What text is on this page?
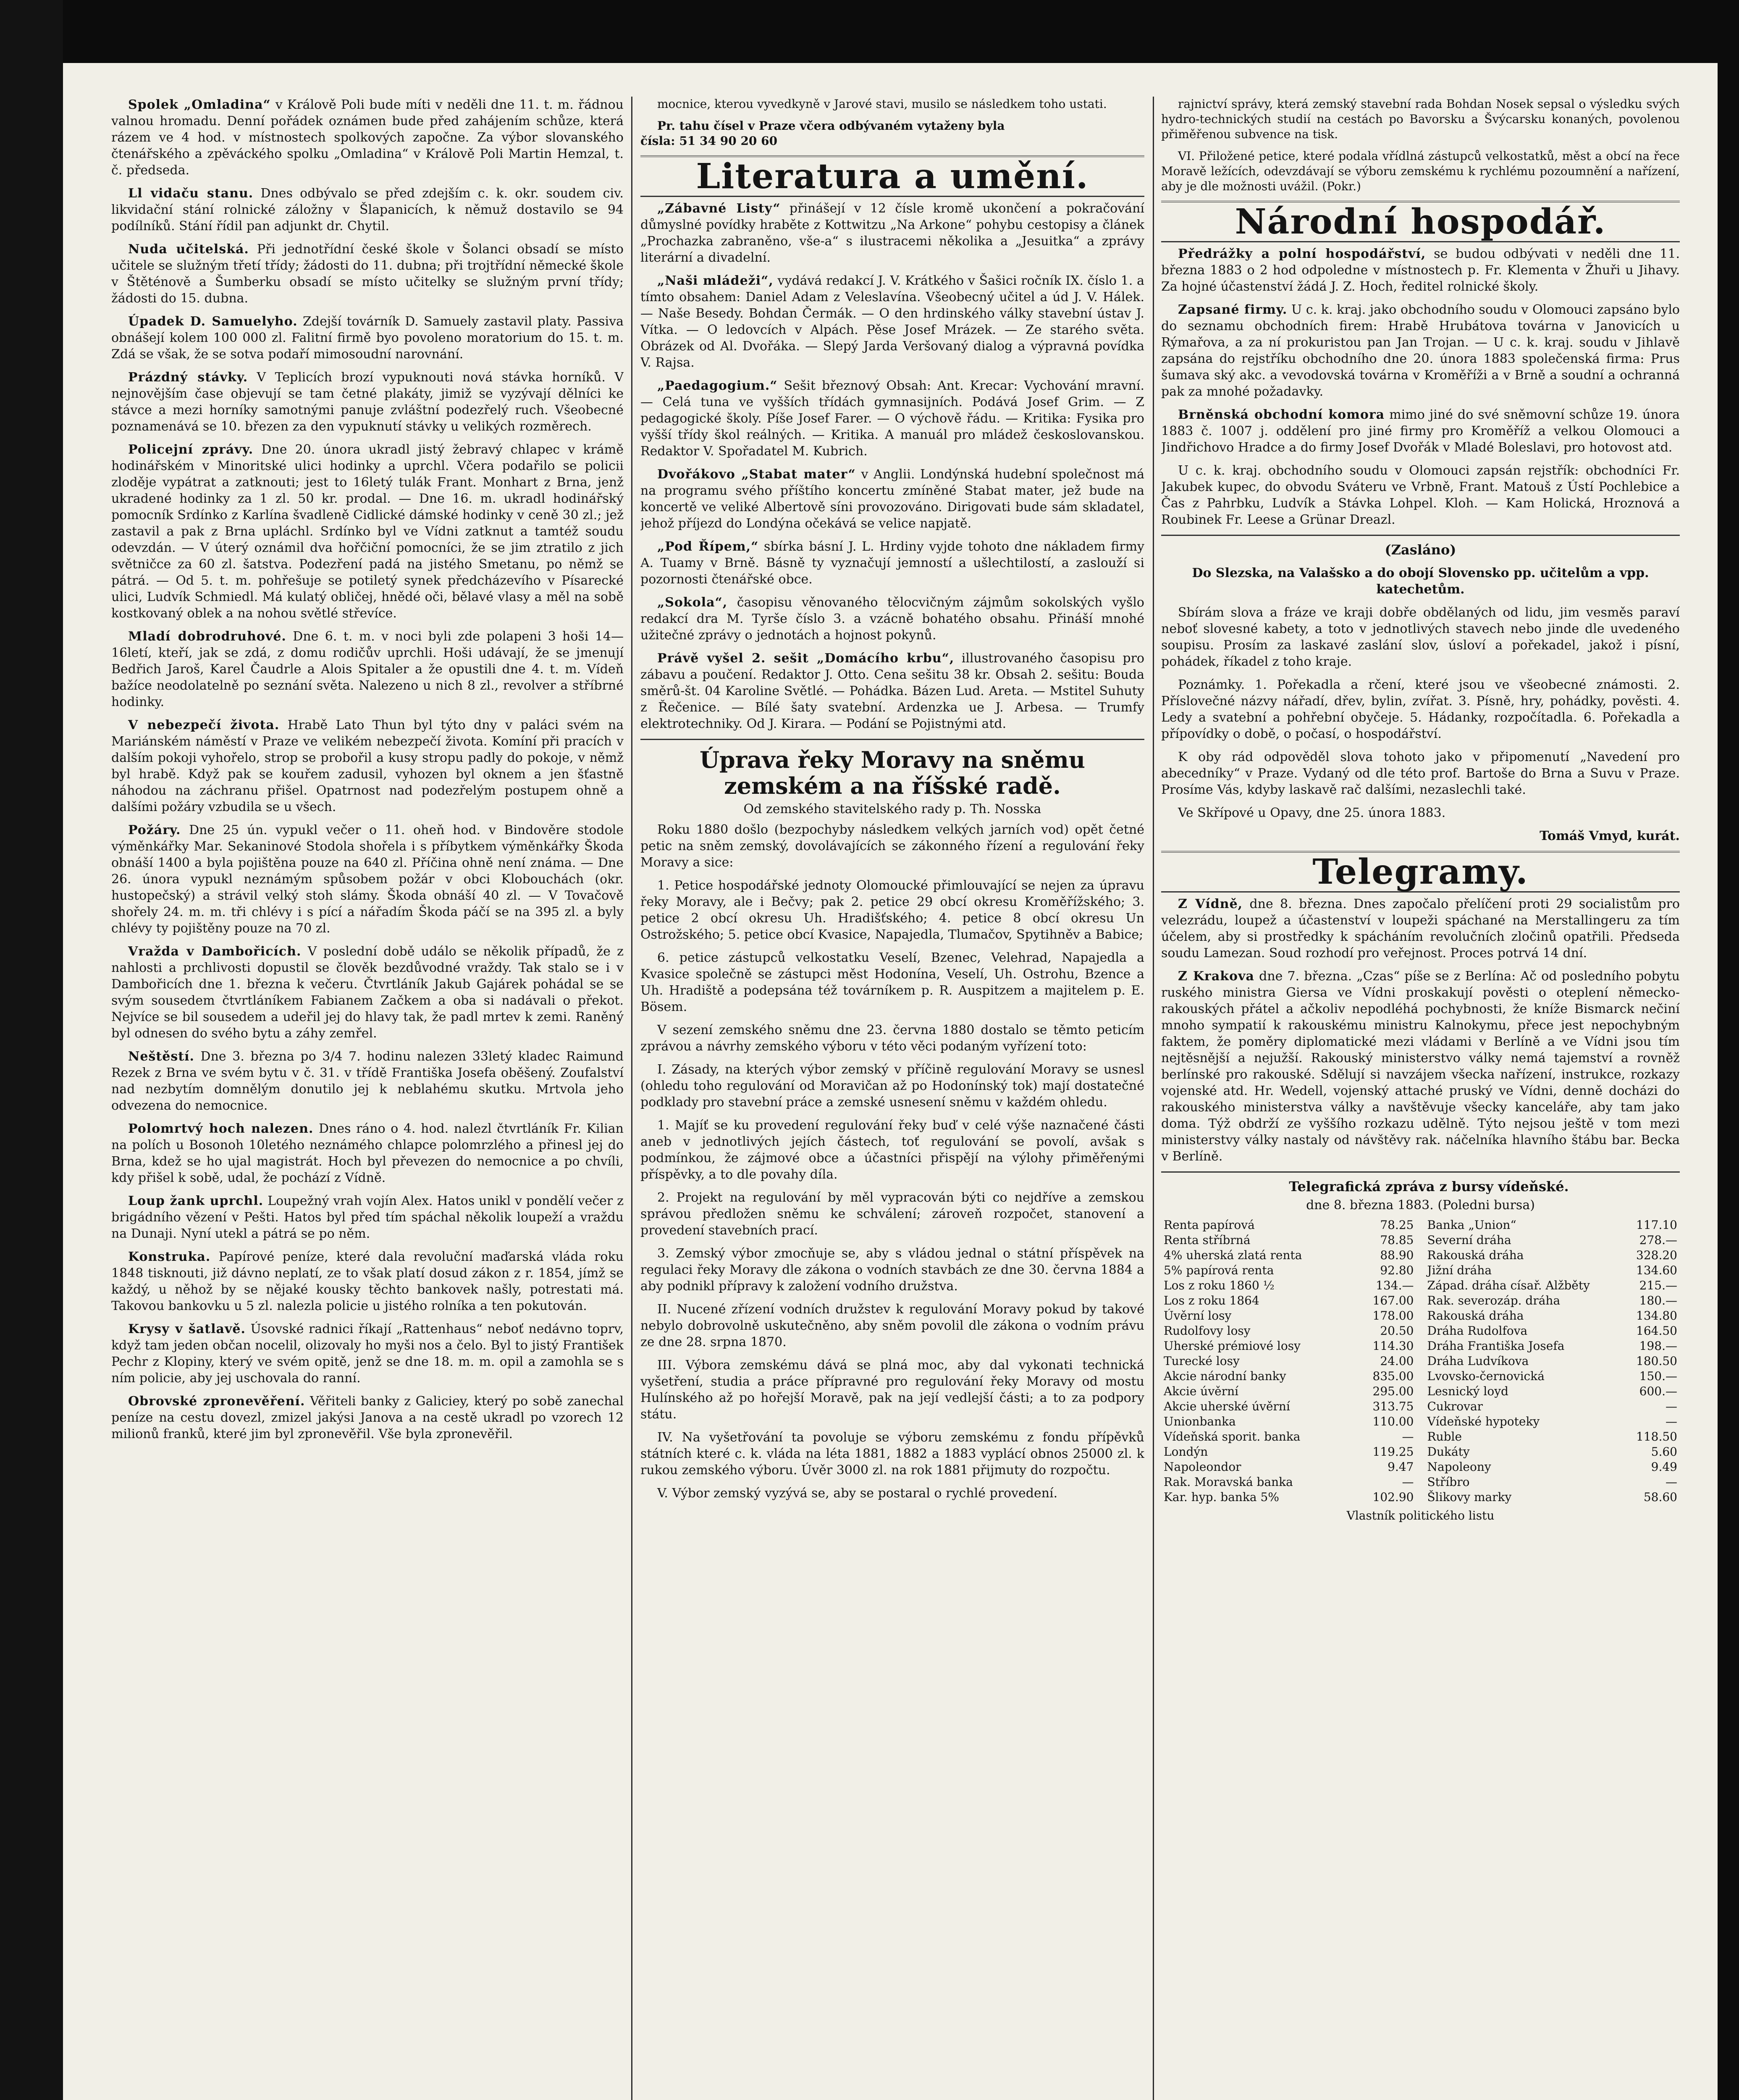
Spolek „Omladina“ v Králově Poli bude míti v neděli dne 11. t. m. řádnou valnou hromadu. Denní pořádek oznámen bude před zahájením schůze, která rázem ve 4 hod. v místnostech spolkových započne. Za výbor slovanského čtenářského a zpěváckého spolku „Omladina“ v Králově Poli Martin Hemzal, t. č. předseda.

Ll vidaču stanu. Dnes odbývalo se před zdejším c. k. okr. soudem civ. likvidační stání rolnické záložny v Šlapanicích, k němuž dostavilo se 94 podílníků. Stání řídil pan adjunkt dr. Chytil.

Nuda učitelská. Při jednotřídní české škole v Šolanci obsadí se místo učitele se služným třetí třídy; žádosti do 11. dubna; při trojtřídní německé škole v Štěténově a Šumberku obsadí se místo učitelky se služným první třídy; žádosti do 15. dubna.

Úpadek D. Samuelyho. Zdejší továrník D. Samuely zastavil platy. Passiva obnášejí kolem 100 000 zl. Falitní firmě byo povoleno moratorium do 15. t. m. Zdá se však, že se sotva podaří mimosoudní narovnání.

Prázdný stávky. V Teplicích brozí vypuknouti nová stávka horníků. V nejnovějším čase objevují se tam četné plakáty, jimiž se vyzývají dělníci ke stávce a mezi horníky samotnými panuje zvláštní podezřelý ruch. Všeobecné poznamenává se 10. březen za den vypuknutí stávky u velikých rozměrech.

Policejní zprávy. Dne 20. února ukradl jistý žebravý chlapec v krámě hodinářském v Minoritské ulici hodinky a uprchl. Včera podařilo se policii zloděje vypátrat a zatknouti; jest to 16letý tulák Frant. Monhart z Brna, jenž ukradené hodinky za 1 zl. 50 kr. prodal. — Dne 16. m. ukradl hodinářský pomocník Srdínko z Karlína švadleně Cidlické dámské hodinky v ceně 30 zl.; jež zastavil a pak z Brna upláchl. Srdínko byl ve Vídni zatknut a tamtéž soudu odevzdán. — V úterý oznámil dva hořčiční pomocníci, že se jim ztratilo z jich světničce za 60 zl. šatstva. Podezření padá na jistého Smetanu, po němž se pátrá. — Od 5. t. m. pohřešuje se potiletý synek předcházevího v Písarecké ulici, Ludvík Schmiedl. Má kulatý obličej, hnědé oči, bělavé vlasy a měl na sobě kostkovaný oblek a na nohou světlé střevíce.

Mladí dobrodruhové. Dne 6. t. m. v noci byli zde polapeni 3 hoši 14—16letí, kteří, jak se zdá, z domu rodičův uprchli. Hoši udávají, že se jmenují Bedřich Jaroš, Karel Čaudrle a Alois Spitaler a že opustili dne 4. t. m. Vídeň bažíce neodolatelně po seznání světa. Nalezeno u nich 8 zl., revolver a stříbrné hodinky.

V nebezpečí života. Hrabě Lato Thun byl týto dny v paláci svém na Mariánském náměstí v Praze ve velikém nebezpečí života. Komíní při pracích v dalším pokoji vyhořelo, strop se probořil a kusy stropu padly do pokoje, v němž byl hrabě. Když pak se kouřem zadusil, vyhozen byl oknem a jen šťastně náhodou na záchranu přišel. Opatrnost nad podezřelým postupem ohně a dalšími požáry vzbudila se u všech.

Požáry. Dne 25 ún. vypukl večer o 11. oheň hod. v Bindověre stodole výměnkářky Mar. Sekaninové Stodola shořela i s příbytkem výměnkářky Škoda obnáší 1400 a byla pojištěna pouze na 640 zl. Příčina ohně není známa. — Dne 26. února vypukl neznámým spůsobem požár v obci Klobouchách (okr. hustopečský) a strávil velký stoh slámy. Škoda obnáší 40 zl. — V Tovačově shořely 24. m. m. tři chlévy i s pící a nářadím Škoda páčí se na 395 zl. a byly chlévy ty pojištěny pouze na 70 zl.

Vražda v Dambořicích. V poslední době událo se několik případů, že z nahlosti a prchlivosti dopustil se člověk bezdůvodné vraždy. Tak stalo se i v Dambořicích dne 1. března k večeru. Čtvrtláník Jakub Gajárek pohádal se se svým sousedem čtvrtláníkem Fabianem Začkem a oba si nadávali o překot. Nejvíce se bil sousedem a udeřil jej do hlavy tak, že padl mrtev k zemi. Raněný byl odnesen do svého bytu a záhy zemřel.

Neštěstí. Dne 3. března po 3/4 7. hodinu nalezen 33letý kladec Raimund Rezek z Brna ve svém bytu v č. 31. v třídě Františka Josefa oběšený. Zoufalství nad nezbytím domnělým donutilo jej k neblahému skutku. Mrtvola jeho odvezena do nemocnice.

Polomrtvý hoch nalezen. Dnes ráno o 4. hod. nalezl čtvrtláník Fr. Kilian na polích u Bosonoh 10letého neznámého chlapce polomrzlého a přinesl jej do Brna, kdež se ho ujal magistrát. Hoch byl převezen do nemocnice a po chvíli, kdy přišel k sobě, udal, že pochází z Vídně.

Loup žank uprchl. Loupežný vrah vojín Alex. Hatos unikl v pondělí večer z brigádního vězení v Pešti. Hatos byl před tím spáchal několik loupeží a vraždu na Dunaji. Nyní utekl a pátrá se po něm.

Konstruka. Papírové peníze, které dala revoluční maďarská vláda roku 1848 tisknouti, již dávno neplatí, ze to však platí dosud zákon z r. 1854, jímž se každý, u něhož by se nějaké kousky těchto bankovek našly, potrestati má. Takovou bankovku u 5 zl. nalezla policie u jistého rolníka a ten pokutován.

Krysy v šatlavě. Úsovské radnici říkají „Rattenhaus“ neboť nedávno toprv, když tam jeden občan nocelil, olizovaly ho myši nos a čelo. Byl to jistý František Pechr z Klopiny, který ve svém opitě, jenž se dne 18. m. m. opil a zamohla se s ním policie, aby jej uschovala do ranní.

Obrovské zpronevěření. Věřiteli banky z Galiciey, který po sobě zanechal peníze na cestu dovezl, zmizel jakýsi Janova a na cestě ukradl po vzorech 12 milionů franků, které jim byl zpronevěřil. Vše byla zpronevěřil.

mocnice, kterou vyvedkyně v Jarové stavi, musilo se následkem toho ustati.

Pr. tahu čísel v Praze včera odbývaném vytaženy byla

čísla: 51 34 90 20 60

Literatura a umění.

„Zábavné Listy“ přinášejí v 12 čísle kromě ukončení a pokračování důmyslné povídky hraběte z Kottwitzu „Na Arkone“ pohybu cestopisy a článek „Prochazka zabraněno, vše-a“ s ilustracemi několika a „Jesuitka“ a zprávy literární a divadelní.

„Naši mládeži“, vydává redakcí J. V. Krátkého v Šašici ročník IX. číslo 1. a tímto obsahem: Daniel Adam z Veleslavína. Všeobecný učitel a úd J. V. Hálek. — Naše Besedy. Bohdan Čermák. — O den hrdinského války stavební ústav J. Vítka. — O ledovcích v Alpách. Pěse Josef Mrázek. — Ze starého světa. Obrázek od Al. Dvořáka. — Slepý Jarda Veršovaný dialog a výpravná povídka V. Rajsa.

„Paedagogium.“ Sešit březnový Obsah: Ant. Krecar: Vychování mravní. — Celá tuna ve vyšších třídách gymnasijních. Podává Josef Grim. — Z pedagogické školy. Píše Josef Farer. — O výchově řádu. — Kritika: Fysika pro vyšší třídy škol reálných. — Kritika. A manuál pro mládež českoslovanskou. Redaktor V. Spořadatel M. Kubrich.

Dvořákovo „Stabat mater“ v Anglii. Londýnská hudební společnost má na programu svého příštího koncertu zmíněné Stabat mater, jež bude na koncertě ve veliké Albertově síni provozováno. Dirigovati bude sám skladatel, jehož příjezd do Londýna očekává se velice napjatě.

„Pod Řípem,“ sbírka básní J. L. Hrdiny vyjde tohoto dne nákladem firmy A. Tuamy v Brně. Básně ty vyznačují jemností a ušlechtilostí, a zaslouží si pozornosti čtenářské obce.

„Sokola“, časopisu věnovaného tělocvičným zájmům sokolských vyšlo redakcí dra M. Tyrše číslo 3. a vzácně bohatého obsahu. Přináší mnohé užitečné zprávy o jednotách a hojnost pokynů.

Právě vyšel 2. sešit „Domácího krbu“, illustrovaného časopisu pro zábavu a poučení. Redaktor J. Otto. Cena sešitu 38 kr. Obsah 2. sešitu: Bouda směrů-št. 04 Karoline Světlé. — Pohádka. Bázen Lud. Areta. — Mstitel Suhuty z Řečenice. — Bílé šaty svatební. Ardenzka ue J. Arbesa. — Trumfy elektrotechniky. Od J. Kirara. — Podání se Pojistnými atd.

Úprava řeky Moravy na sněmu zemském a na říšské radě.

Od zemského stavitelského rady p. Th. Nosska

Roku 1880 došlo (bezpochyby následkem velkých jarních vod) opět četné petic na sněm zemský, dovolávajících se zákonného řízení a regulování řeky Moravy a sice:

1. Petice hospodářské jednoty Olomoucké přimlouvající se nejen za úpravu řeky Moravy, ale i Bečvy; pak 2. petice 29 obcí okresu Kroměřížského; 3. petice 2 obcí okresu Uh. Hradišťského; 4. petice 8 obcí okresu Un Ostrožského; 5. petice obcí Kvasice, Napajedla, Tlumačov, Spytihněv a Babice;

6. petice zástupců velkostatku Veselí, Bzenec, Velehrad, Napajedla a Kvasice společně se zástupci měst Hodonína, Veselí, Uh. Ostrohu, Bzence a Uh. Hradiště a podepsána též továrníkem p. R. Auspitzem a majitelem p. E. Bösem.

V sezení zemského sněmu dne 23. června 1880 dostalo se těmto peticím zprávou a návrhy zemského výboru v této věci podaným vyřízení toto:

I. Zásady, na kterých výbor zemský v příčině regulování Moravy se usnesl (ohledu toho regulování od Moravičan až po Hodonínský tok) mají dostatečné podklady pro stavební práce a zemské usnesení sněmu v každém ohledu.

1. Majíť se ku provedení regulování řeky buď v celé výše naznačené části aneb v jednotlivých jejích částech, toť regulování se povolí, avšak s podmínkou, že zájmové obce a účastníci přispějí na výlohy přiměřenými příspěvky, a to dle povahy díla.

2. Projekt na regulování by měl vypracován býti co nejdříve a zemskou správou předložen sněmu ke schválení; zároveň rozpočet, stanovení a provedení stavebních prací.

3. Zemský výbor zmocňuje se, aby s vládou jednal o státní příspěvek na regulaci řeky Moravy dle zákona o vodních stavbách ze dne 30. června 1884 a aby podnikl přípravy k založení vodního družstva.

II. Nucené zřízení vodních družstev k regulování Moravy pokud by takové nebylo dobrovolně uskutečněno, aby sněm povolil dle zákona o vodním právu ze dne 28. srpna 1870.

III. Výbora zemskému dává se plná moc, aby dal vykonati technická vyšetření, studia a práce přípravné pro regulování řeky Moravy od mostu Hulínského až po hořejší Moravě, pak na její vedlejší části; a to za podpory státu.

IV. Na vyšetřování ta povoluje se výboru zemskému z fondu přípěvků státních které c. k. vláda na léta 1881, 1882 a 1883 vyplácí obnos 25000 zl. k rukou zemského výboru. Úvěr 3000 zl. na rok 1881 přijmuty do rozpočtu.

V. Výbor zemský vyzývá se, aby se postaral o rychlé provedení.

rajnictví správy, která zemský stavební rada Bohdan Nosek sepsal o výsledku svých hydro-technických studií na cestách po Bavorsku a Švýcarsku konaných, povolenou přiměřenou subvence na tisk.

VI. Přiložené petice, které podala vřídlná zástupců velkostatků, měst a obcí na řece Moravě ležících, odevzdávají se výboru zemskému k rychlému pozoumnění a nařízení, aby je dle možnosti uvážil. (Pokr.)

Národní hospodář.

Předrážky a polní hospodářství, se budou odbývati v neděli dne 11. března 1883 o 2 hod odpoledne v místnostech p. Fr. Klementa v Žhuři u Jihavy. Za hojné účastenství žádá J. Z. Hoch, ředitel rolnické školy.

Zapsané firmy. U c. k. kraj. jako obchodního soudu v Olomouci zapsáno bylo do seznamu obchodních firem: Hrabě Hrubátova továrna v Janovicích u Rýmařova, a za ní prokuristou pan Jan Trojan. — U c. k. kraj. soudu v Jihlavě zapsána do rejstříku obchodního dne 20. února 1883 společenská firma: Prus šumava ský akc. a vevodovská továrna v Kroměříži a v Brně a soudní a ochranná pak za mnohé požadavky.

Brněnská obchodní komora mimo jiné do své sněmovní schůze 19. února 1883 č. 1007 j. oddělení pro jiné firmy pro Kroměříž a velkou Olomouci a Jindřichovo Hradce a do firmy Josef Dvořák v Mladé Boleslavi, pro hotovost atd.

U c. k. kraj. obchodního soudu v Olomouci zapsán rejstřík: obchodníci Fr. Jakubek kupec, do obvodu Sváteru ve Vrbně, Frant. Matouš z Ústí Pochlebice a Čas z Pahrbku, Ludvík a Stávka Lohpel. Kloh. — Kam Holická, Hroznová a Roubinek Fr. Leese a Grünar Dreazl.

(Zasláno)

Do Slezska, na Valašsko a do obojí Slovensko pp. učitelům a vpp. katechetům.

Sbírám slova a fráze ve kraji dobře obdělaných od lidu, jim vesměs paraví neboť slovesné kabety, a toto v jednotlivých stavech nebo jinde dle uvedeného soupisu. Prosím za laskavé zaslání slov, úsloví a pořekadel, jakož i písní, pohádek, říkadel z toho kraje.

Poznámky. 1. Pořekadla a rčení, které jsou ve všeobecné známosti. 2. Příslovečné názvy nářadí, dřev, bylin, zvířat. 3. Písně, hry, pohádky, pověsti. 4. Ledy a svatební a pohřební obyčeje. 5. Hádanky, rozpočítadla. 6. Pořekadla a přípovídky o době, o počasí, o hospodářství.

K oby rád odpověděl slova tohoto jako v připomenutí „Navedení pro abecedníky“ v Praze. Vydaný od dle této prof. Bartoše do Brna a Suvu v Praze. Prosíme Vás, kdyby laskavě rač dalšími, nezaslechli také.

Ve Skřípové u Opavy, dne 25. února 1883.

Tomáš Vmyd, kurát.

Telegramy.

Z Vídně, dne 8. března. Dnes započalo přelíčení proti 29 socialistům pro velezrádu, loupež a účastenství v loupeži spáchané na Merstallingeru za tím účelem, aby si prostředky k spácháním revolučních zločinů opatřili. Předseda soudu Lamezan. Soud rozhodí pro veřejnost. Proces potrvá 14 dní.

Z Krakova dne 7. března. „Czas“ píše se z Berlína: Ač od posledního pobytu ruského ministra Giersa ve Vídni proskakují pověsti o oteplení německo-rakouských přátel a ačkoliv nepodléhá pochybnosti, že kníže Bismarck nečiní mnoho sympatií k rakouskému ministru Kalnokymu, přece jest nepochybným faktem, že poměry diplomatické mezi vládami v Berlíně a ve Vídni jsou tím nejtěsnější a nejužší. Rakouský ministerstvo války nemá tajemství a rovněž berlínské pro rakouské. Sdělují si navzájem všecka nařízení, instrukce, rozkazy vojenské atd. Hr. Wedell, vojenský attaché pruský ve Vídni, denně docházi do rakouského ministerstva války a navštěvuje všecky kanceláře, aby tam jako doma. Týž obdrží ze vyššího rozkazu udělně. Týto nejsou ještě v tom mezi ministerstvy války nastaly od návštěvy rak. náčelníka hlavního štábu bar. Becka v Berlíně.

Telegrafická zpráva z bursy vídeňské.

dne 8. března 1883. (Poledni bursa)

Renta papírová	78.25
Renta stříbrná	78.85
4% uherská zlatá renta	88.90
5% papírová renta	92.80
Los z roku 1860 ½	134.—
Los z roku 1864	167.00
Úvěrní losy	178.00
Rudolfovy losy	20.50
Uherské prémiové losy	114.30
Turecké losy	24.00
Akcie národní banky	835.00
Akcie úvěrní	295.00
Akcie uherské úvěrní	313.75
Unionbanka	110.00
Vídeňská sporit. banka	—
Londýn	119.25
Napoleondor	9.47
Rak. Moravská banka	—
Kar. hyp. banka 5%	102.90
Banka „Union“	117.10
Severní dráha	278.—
Rakouská dráha	328.20
Jižní dráha	134.60
Západ. dráha císař. Alžběty	215.—
Rak. severozáp. dráha	180.—
Rakouská dráha	134.80
Dráha Rudolfova	164.50
Dráha Františka Josefa	198.—
Dráha Ludvíkova	180.50
Lvovsko-černovická	150.—
Lesnický loyd	600.—
Cukrovar	—
Vídeňské hypoteky	—
Ruble	118.50
Dukáty	5.60
Napoleony	9.49
Stříbro	—
Šlikovy marky	58.60

Vlastník politického listu
